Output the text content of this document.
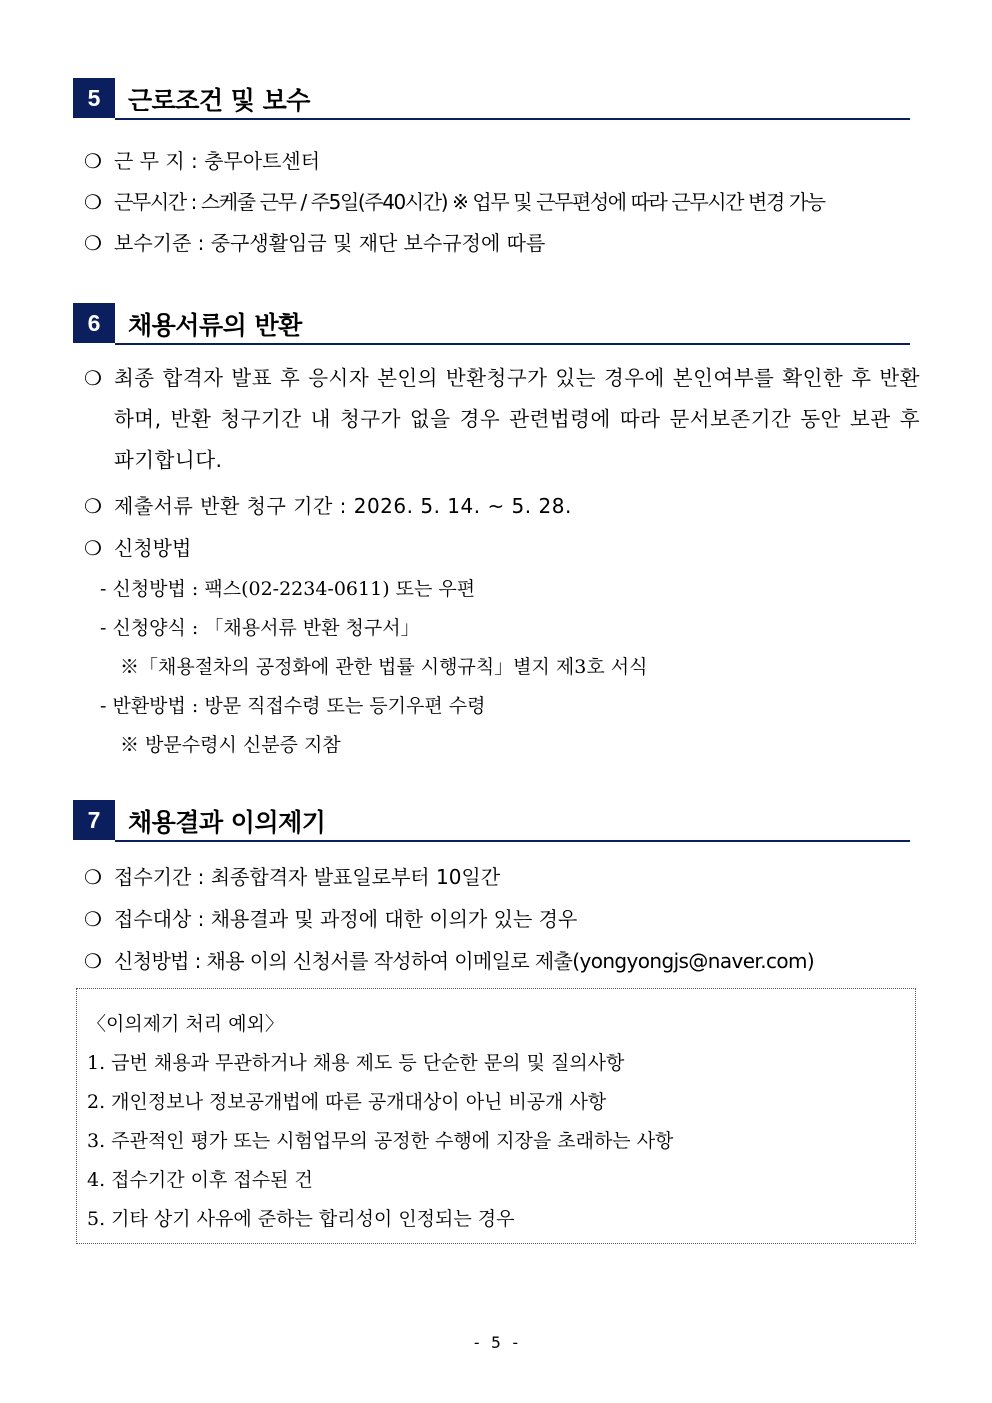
5	근로조건 및 보수
❍ 근 무 지 : 충무아트센터
❍ 근무시간 : 스케줄 근무 / 주5일(주40시간) ※ 업무 및 근무편성에 따라 근무시간 변경 가능
❍ 보수기준 : 중구생활임금 및 재단 보수규정에 따름
6	채용서류의 반환
❍ 최종 합격자 발표 후 응시자 본인의 반환청구가 있는 경우에 본인여부를 확인한 후 반환하며, 반환 청구기간 내 청구가 없을 경우 관련법령에 따라 문서보존기간 동안 보관 후 파기합니다.
❍ 제출서류 반환 청구 기간 : 2026. 5. 14. ~ 5. 28.
❍ 신청방법
- 신청방법 : 팩스(02-2234-0611) 또는 우편
- 신청양식 : 「채용서류 반환 청구서」
※「채용절차의 공정화에 관한 법률 시행규칙」별지 제3호 서식
- 반환방법 : 방문 직접수령 또는 등기우편 수령
※ 방문수령시 신분증 지참
7	채용결과 이의제기
❍ 접수기간 : 최종합격자 발표일로부터 10일간
❍ 접수대상 : 채용결과 및 과정에 대한 이의가 있는 경우
❍ 신청방법 : 채용 이의 신청서를 작성하여 이메일로 제출(yongyongjs@naver.com)
〈이의제기 처리 예외〉
1. 금번 채용과 무관하거나 채용 제도 등 단순한 문의 및 질의사항
2. 개인정보나 정보공개법에 따른 공개대상이 아닌 비공개 사항
3. 주관적인 평가 또는 시험업무의 공정한 수행에 지장을 초래하는 사항
4. 접수기간 이후 접수된 건
5. 기타 상기 사유에 준하는 합리성이 인정되는 경우
- 5 -
